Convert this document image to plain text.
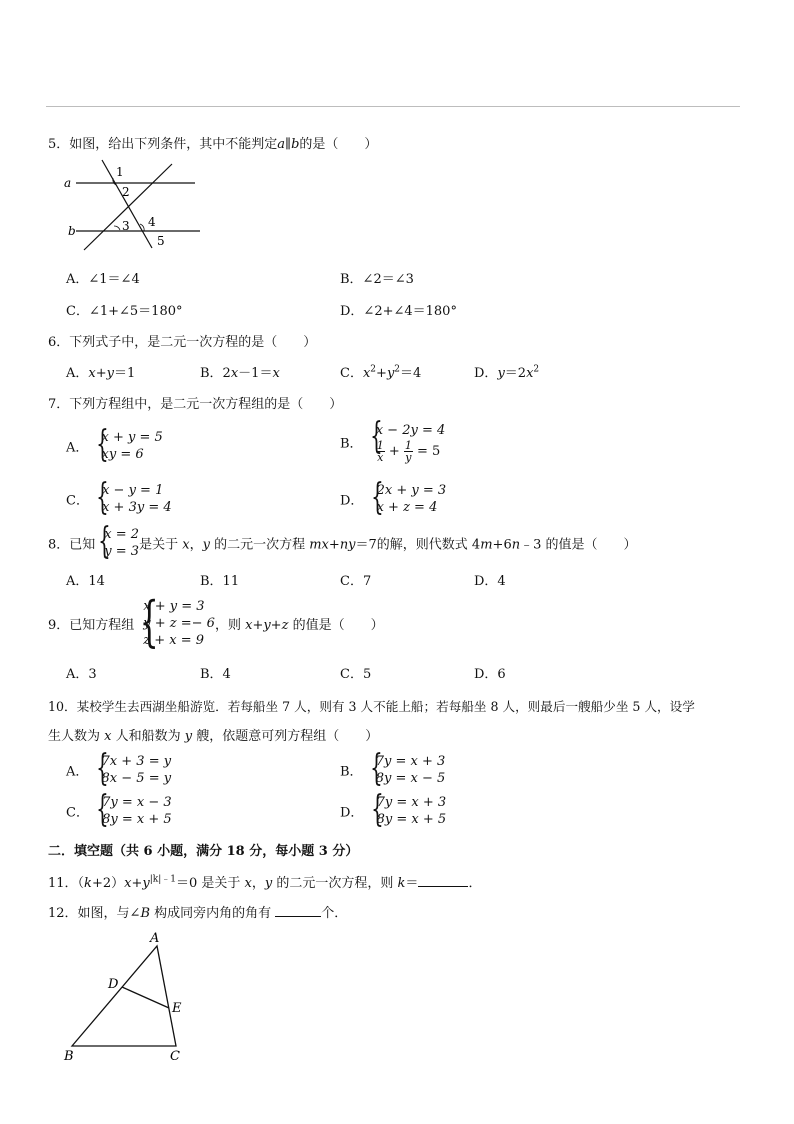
5．如图，给出下列条件，其中不能判定a∥b的是（　　）
a
b
1
2
3 4
5
A．∠1＝∠4	B．∠2＝∠3
C．∠1+∠5＝180°	D．∠2+∠4＝180°
6．下列式子中，是二元一次方程的是（　　）
A．x+y＝1	B．2x－1＝x	C．$x^2+y^2=4$	D．$y=2x^2$
7．下列方程组中，是二元一次方程组的是（　　）
A．
{ x + y = 5
xy = 6
B．
{ x − 2y = 4
$\frac{1}{x} + \frac{1}{y} = 5$
C．
{ x − y = 1
x + 3y = 4	D．
{ 2x + y = 3
x + z = 4
8．已知
{ x = 2
y = 3 是关于 x，y 的二元一次方程 mx+ny＝7的解，则代数式 4m+6n﹣3 的值是（　　）
A．14	B．11	C．7	D．4
9．已知方程组
{ x + y = 3
y + z =− 6
z + x = 9
，则 x+y+z 的值是（　　）
A．3	B．4	C．5	D．6
10．某校学生去西湖坐船游览．若每船坐 7 人，则有 3 人不能上船；若每船坐 8 人，则最后一艘船少坐 5 人，设学
生人数为 x 人和船数为 y 艘，依题意可列方程组（　　）
A．
{ 7x + 3 = y
8x − 5 = y	B．
{ 7y = x + 3
8y = x − 5
C．
{ 7y = x − 3
8y = x + 5	D．
{ 7y = x + 3
8y = x + 5
二．填空题（共 6 小题，满分 18 分，每小题 3 分）
11．$(k+2)x+y^{|k|﹣1}=0$ 是关于 x，y 的二元一次方程，则 k＝	．
12．如图，与∠B 构成同旁内角的角有	个．
A
B	C
D
E
